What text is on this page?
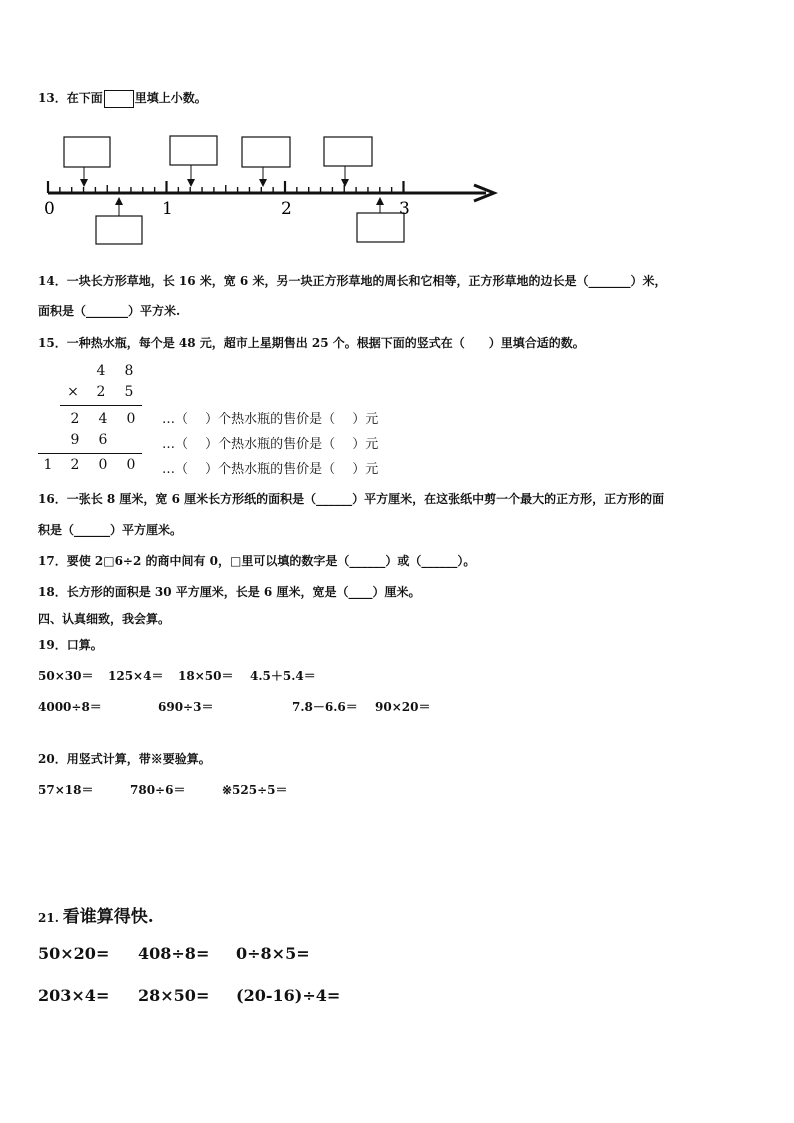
13．在下面	里填上小数。
0	1	2	3
14．一块长方形草地，长 16 米，宽 6 米，另一块正方形草地的周长和它相等，正方形草地的边长是（_______）米，
面积是（_______）平方米.
15．一种热水瓶，每个是 48 元，超市上星期售出 25 个。根据下面的竖式在（　　）里填合适的数。
4 8
× 2 5
2 4 0
9 6
1 2 0 0
…（　 ）个热水瓶的售价是（　 ）元
…（　 ）个热水瓶的售价是（　 ）元
…（　 ）个热水瓶的售价是（　 ）元
16．一张长 8 厘米，宽 6 厘米长方形纸的面积是（______）平方厘米，在这张纸中剪一个最大的正方形，正方形的面
积是（______）平方厘米。
17．要使 2□6÷2 的商中间有 0，□里可以填的数字是（______）或（______）。
18．长方形的面积是 30 平方厘米，长是 6 厘米，宽是（____）厘米。
四、认真细致，我会算。
19．口算。
50×30＝ 125×4＝ 18×50＝ 4.5＋5.4＝
4000÷8＝	690÷3＝	7.8－6.6＝ 90×20＝
20．用竖式计算，带※要验算。
57×18＝	780÷6＝	※525÷5＝
21. 看谁算得快.
50×20= 408÷8= 0÷8×5=
203×4= 28×50= (20-16)÷4=
